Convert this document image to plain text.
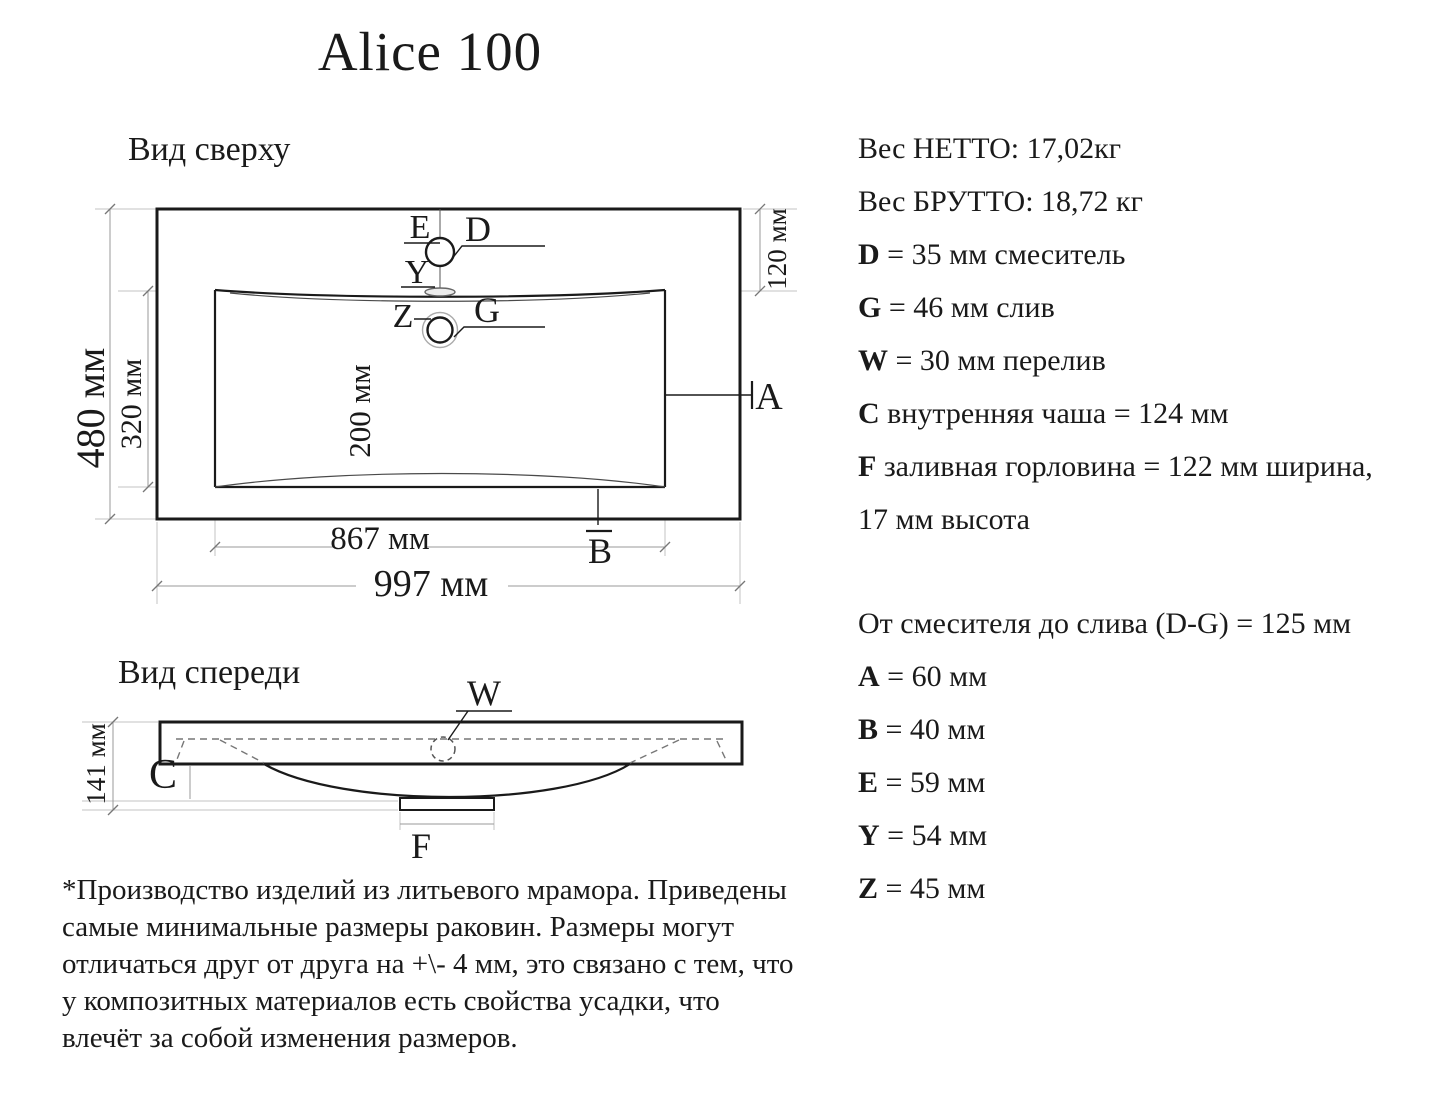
Alice 100
Вид сверху
Вид спереди
E D
Y
Z G
A
B
480 мм 320 мм
120 мм
200 мм
867 мм
997 мм
W
C
F
141 мм
Вес НЕТТО: 17,02кг
Вес БРУТТО: 18,72 кг
D = 35 мм смеситель
G = 46 мм слив
W = 30 мм перелив
C внутренняя чаша = 124 мм
F заливная горловина = 122 мм ширина,
17 мм высота
От смесителя до слива (D-G) = 125 мм
A = 60 мм
B = 40 мм
E = 59 мм
Y = 54 мм
Z = 45 мм
*Производство изделий из литьевого мрамора. Приведены
самые минимальные размеры раковин. Размеры могут
отличаться друг от друга на +\- 4 мм, это связано с тем, что
у композитных материалов есть свойства усадки, что
влечёт за собой изменения размеров.
